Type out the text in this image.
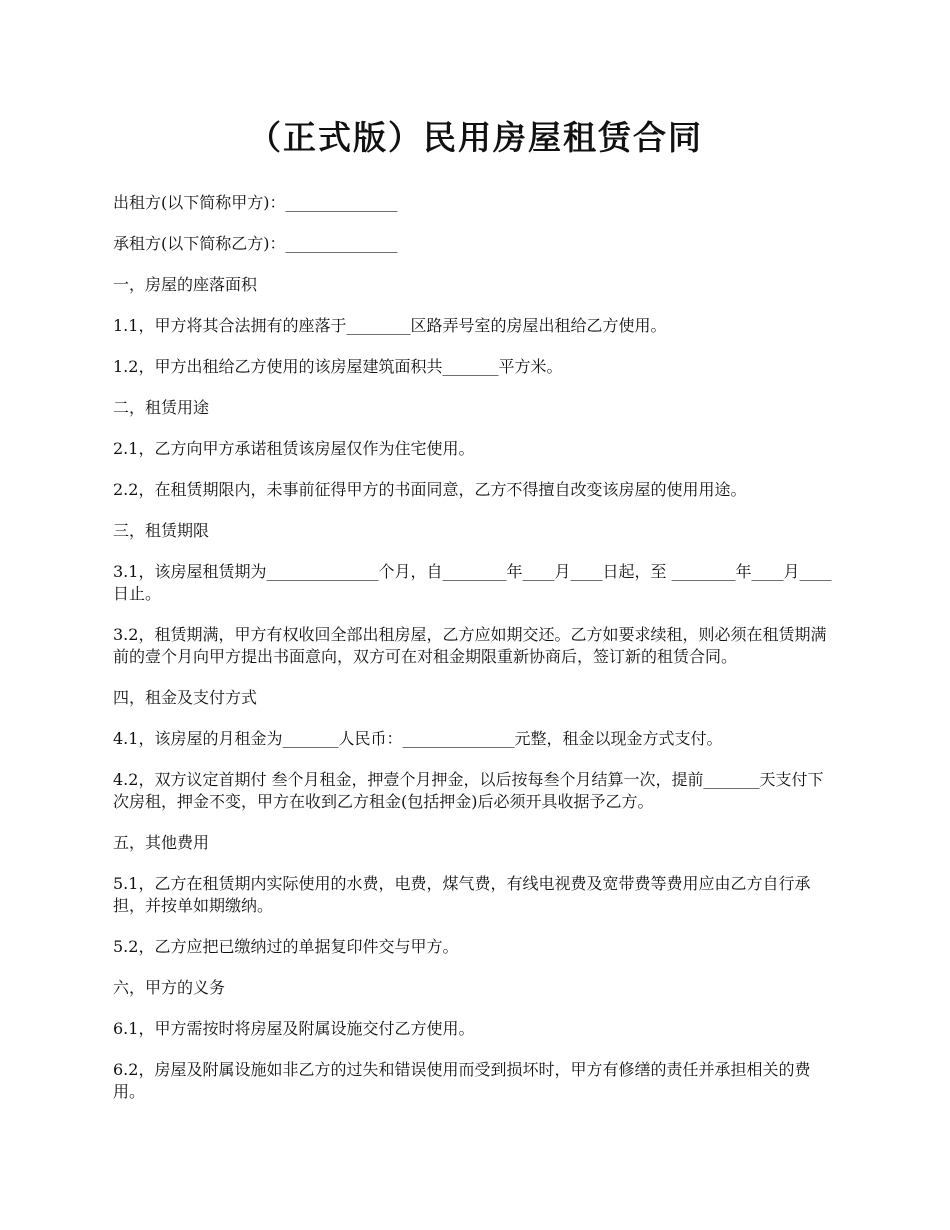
（正式版）民用房屋租赁合同

出租方(以下简称甲方)：______________

承租方(以下简称乙方)：______________

一，房屋的座落面积

1.1，甲方将其合法拥有的座落于________区路弄号室的房屋出租给乙方使用。

1.2，甲方出租给乙方使用的该房屋建筑面积共_______平方米。

二，租赁用途

2.1，乙方向甲方承诺租赁该房屋仅作为住宅使用。

2.2，在租赁期限内，未事前征得甲方的书面同意，乙方不得擅自改变该房屋的使用用途。

三，租赁期限

3.1，该房屋租赁期为______________个月，自________年____月____日起，至 ________年____月____日止。

3.2，租赁期满，甲方有权收回全部出租房屋，乙方应如期交还。乙方如要求续租，则必须在租赁期满前的壹个月向甲方提出书面意向，双方可在对租金期限重新协商后，签订新的租赁合同。

四，租金及支付方式

4.1，该房屋的月租金为_______人民币：______________元整，租金以现金方式支付。

4.2，双方议定首期付 叁个月租金，押壹个月押金，以后按每叁个月结算一次，提前_______天支付下次房租，押金不变，甲方在收到乙方租金(包括押金)后必须开具收据予乙方。

五，其他费用

5.1，乙方在租赁期内实际使用的水费，电费，煤气费，有线电视费及宽带费等费用应由乙方自行承担，并按单如期缴纳。

5.2，乙方应把已缴纳过的单据复印件交与甲方。

六，甲方的义务

6.1，甲方需按时将房屋及附属设施交付乙方使用。

6.2，房屋及附属设施如非乙方的过失和错误使用而受到损坏时，甲方有修缮的责任并承担相关的费用。
